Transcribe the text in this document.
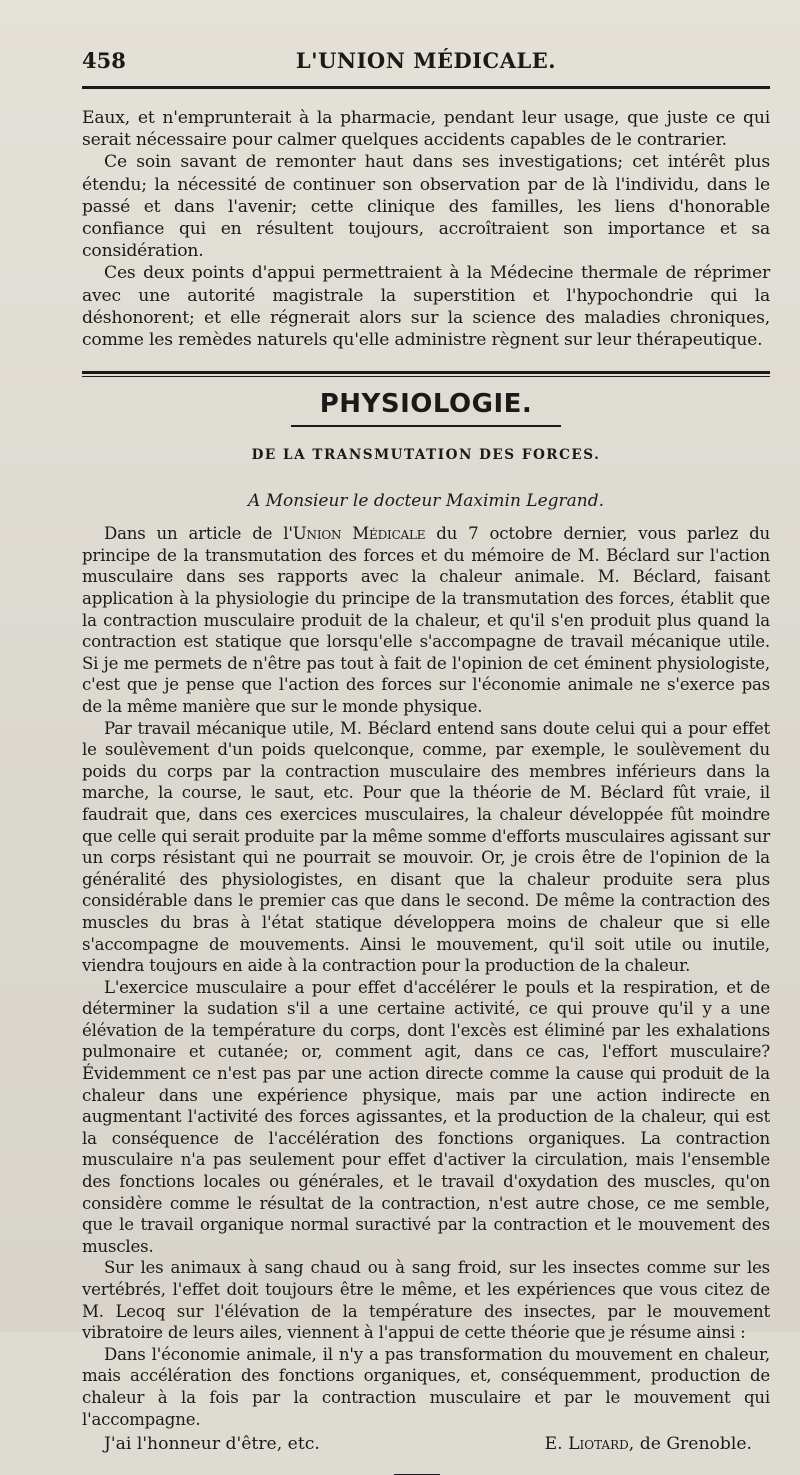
458	L'UNION MÉDICALE.

Eaux, et n'emprunterait à la pharmacie, pendant leur usage, que juste ce qui serait nécessaire pour calmer quelques accidents capables de le contrarier.

Ce soin savant de remonter haut dans ses investigations; cet intérêt plus étendu; la nécessité de continuer son observation par de là l'individu, dans le passé et dans l'avenir; cette clinique des familles, les liens d'honorable confiance qui en résultent toujours, accroîtraient son importance et sa considération.

Ces deux points d'appui permettraient à la Médecine thermale de réprimer avec une autorité magistrale la superstition et l'hypochondrie qui la déshonorent; et elle régnerait alors sur la science des maladies chroniques, comme les remèdes naturels qu'elle administre règnent sur leur thérapeutique.

PHYSIOLOGIE.
DE LA TRANSMUTATION DES FORCES.
A Monsieur le docteur Maximin Legrand.

Dans un article de l'Union Médicale du 7 octobre dernier, vous parlez du principe de la transmutation des forces et du mémoire de M. Béclard sur l'action musculaire dans ses rapports avec la chaleur animale. M. Béclard, faisant application à la physiologie du principe de la transmutation des forces, établit que la contraction musculaire produit de la chaleur, et qu'il s'en produit plus quand la contraction est statique que lorsqu'elle s'accompagne de travail mécanique utile. Si je me permets de n'être pas tout à fait de l'opinion de cet éminent physiologiste, c'est que je pense que l'action des forces sur l'économie animale ne s'exerce pas de la même manière que sur le monde physique.

Par travail mécanique utile, M. Béclard entend sans doute celui qui a pour effet le soulèvement d'un poids quelconque, comme, par exemple, le soulèvement du poids du corps par la contraction musculaire des membres inférieurs dans la marche, la course, le saut, etc. Pour que la théorie de M. Béclard fût vraie, il faudrait que, dans ces exercices musculaires, la chaleur développée fût moindre que celle qui serait produite par la même somme d'efforts musculaires agissant sur un corps résistant qui ne pourrait se mouvoir. Or, je crois être de l'opinion de la généralité des physiologistes, en disant que la chaleur produite sera plus considérable dans le premier cas que dans le second. De même la contraction des muscles du bras à l'état statique développera moins de chaleur que si elle s'accompagne de mouvements. Ainsi le mouvement, qu'il soit utile ou inutile, viendra toujours en aide à la contraction pour la production de la chaleur.

L'exercice musculaire a pour effet d'accélérer le pouls et la respiration, et de déterminer la sudation s'il a une certaine activité, ce qui prouve qu'il y a une élévation de la température du corps, dont l'excès est éliminé par les exhalations pulmonaire et cutanée; or, comment agit, dans ce cas, l'effort musculaire? Évidemment ce n'est pas par une action directe comme la cause qui produit de la chaleur dans une expérience physique, mais par une action indirecte en augmentant l'activité des forces agissantes, et la production de la chaleur, qui est la conséquence de l'accélération des fonctions organiques. La contraction musculaire n'a pas seulement pour effet d'activer la circulation, mais l'ensemble des fonctions locales ou générales, et le travail d'oxydation des muscles, qu'on considère comme le résultat de la contraction, n'est autre chose, ce me semble, que le travail organique normal suractivé par la contraction et le mouvement des muscles.

Sur les animaux à sang chaud ou à sang froid, sur les insectes comme sur les vertébrés, l'effet doit toujours être le même, et les expériences que vous citez de M. Lecoq sur l'élévation de la température des insectes, par le mouvement vibratoire de leurs ailes, viennent à l'appui de cette théorie que je résume ainsi :

Dans l'économie animale, il n'y a pas transformation du mouvement en chaleur, mais accélération des fonctions organiques, et, conséquemment, production de chaleur à la fois par la contraction musculaire et par le mouvement qui l'accompagne.

J'ai l'honneur d'être, etc.	E. Liotard, de Grenoble.
